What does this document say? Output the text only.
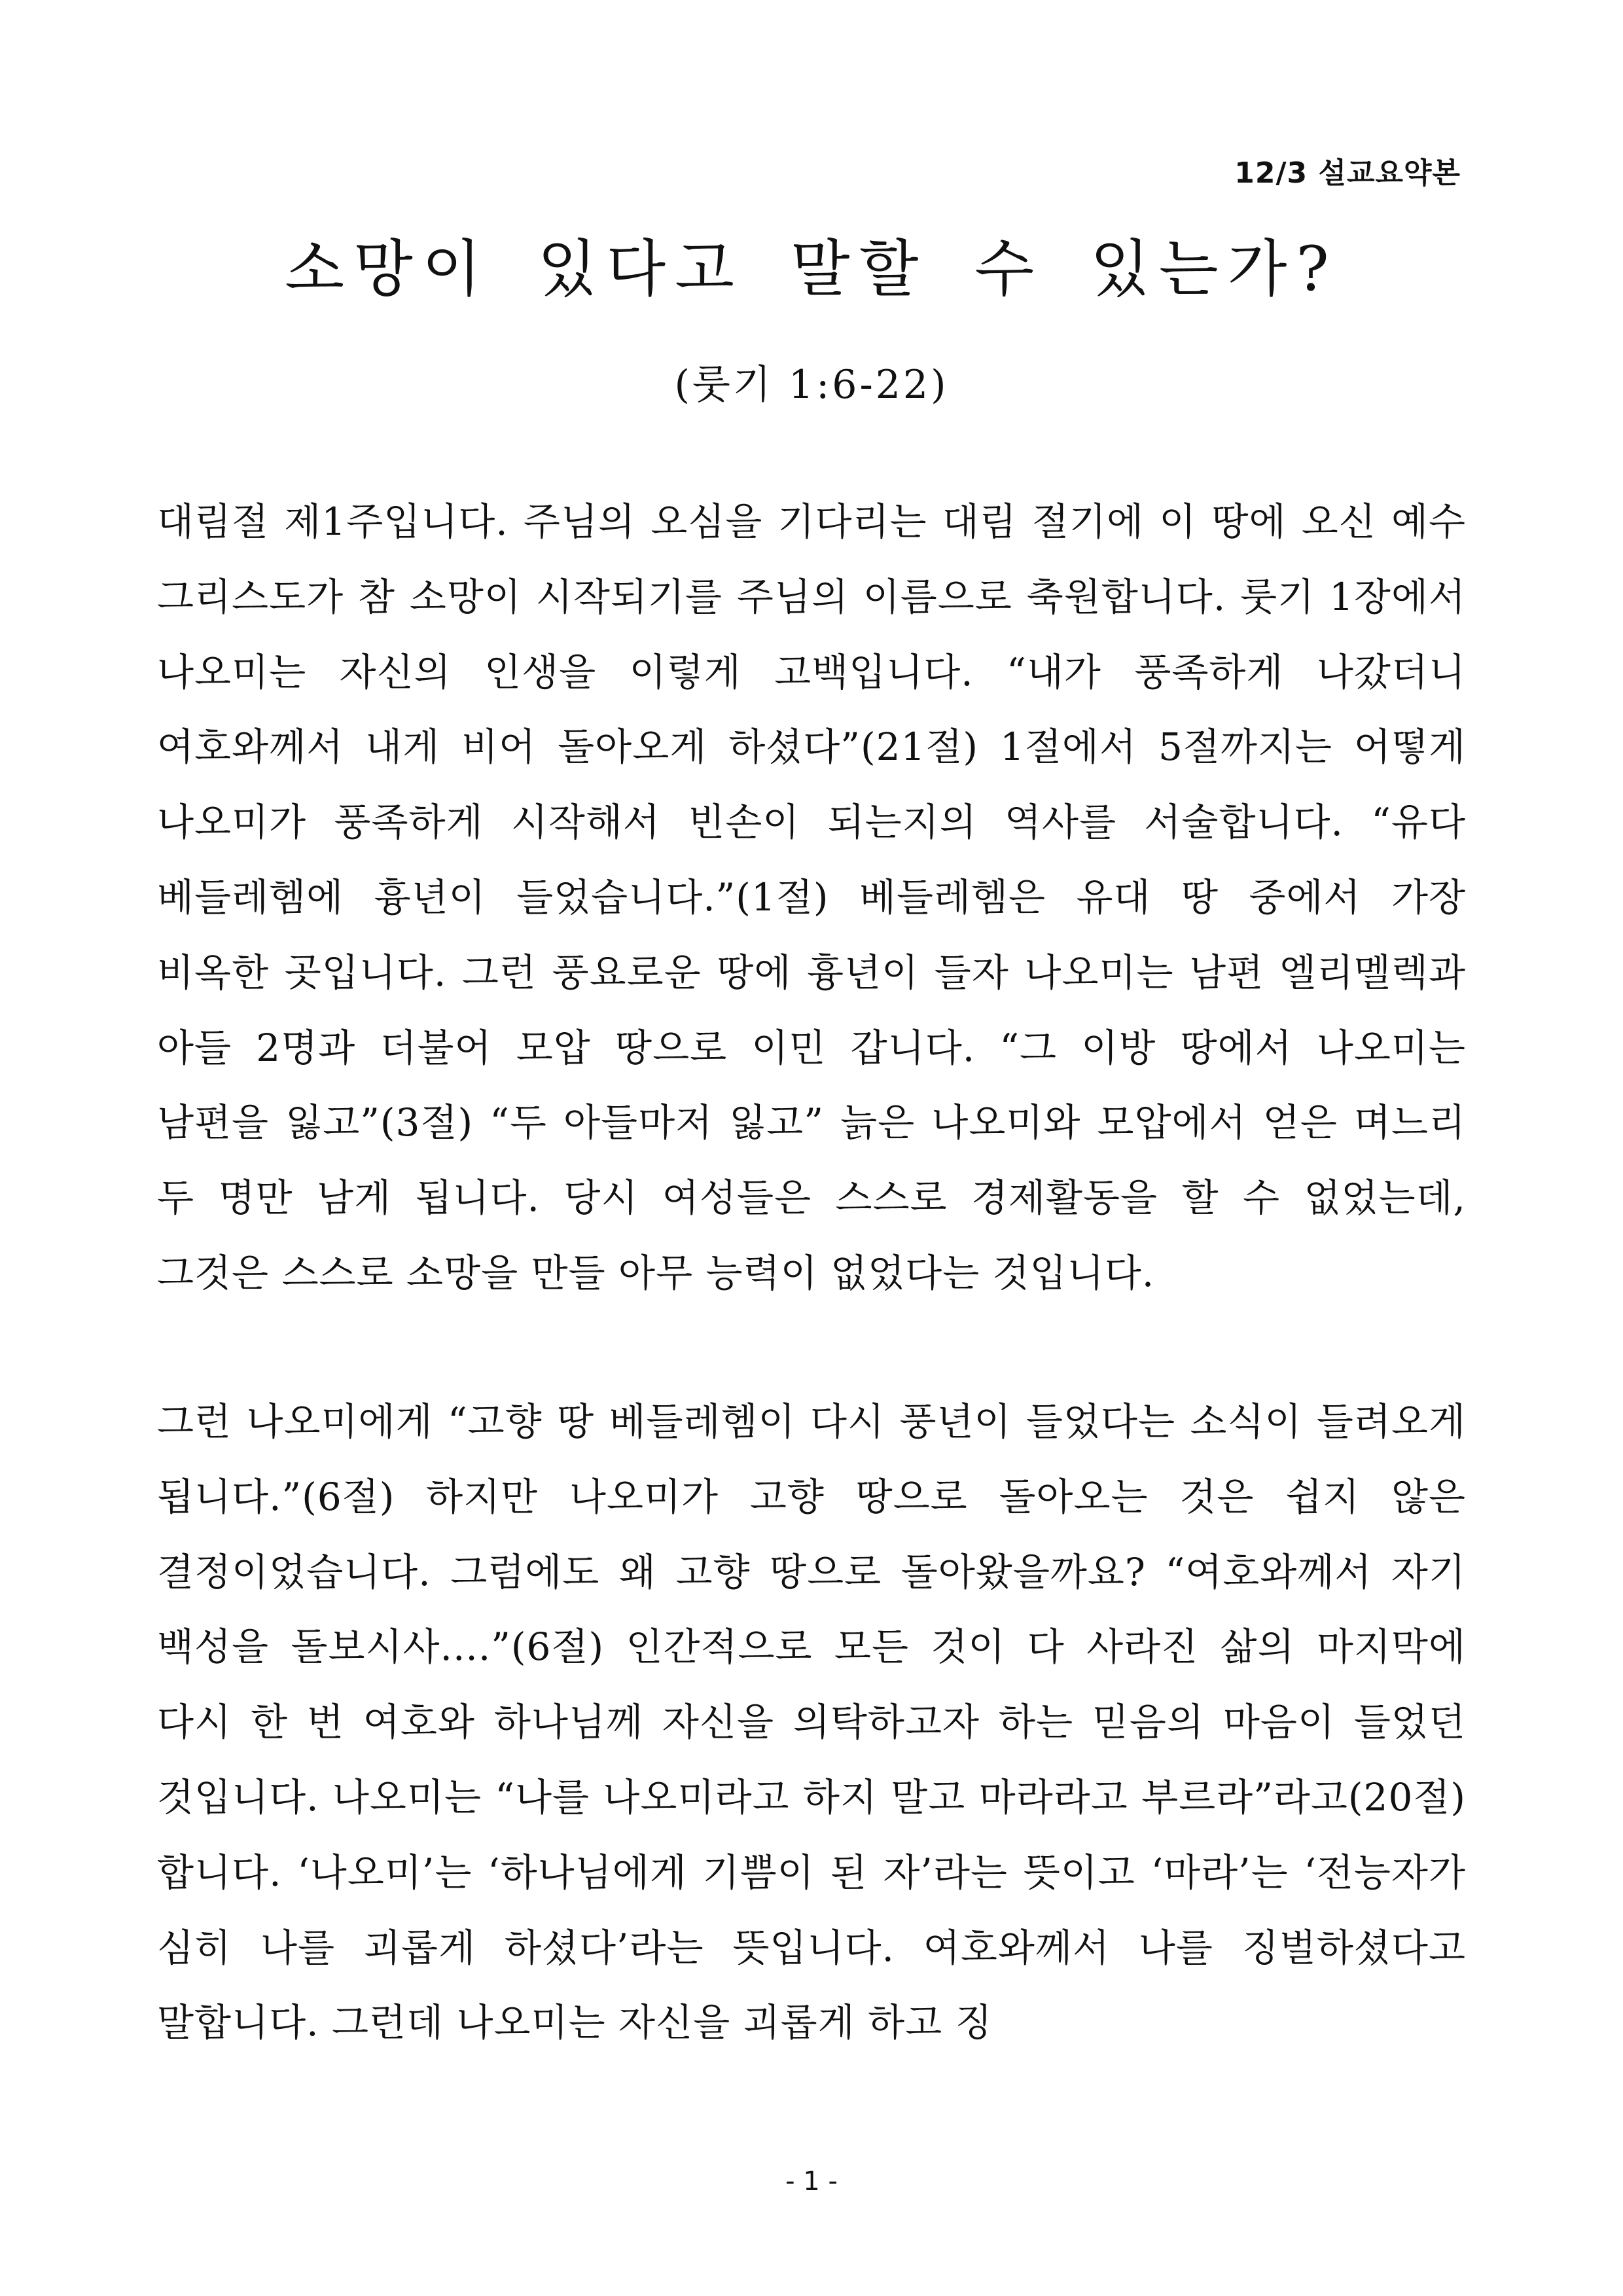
12/3 설교요약본
소망이 있다고 말할 수 있는가?
(룻기 1:6-22)

대림절 제1주입니다. 주님의 오심을 기다리는 대림 절기에 이 땅에 오신 예수 그리스도가 참 소망이 시작되기를 주님의 이름으로 축원합니다. 룻기 1장에서 나오미는 자신의 인생을 이렇게 고백입니다. “내가 풍족하게 나갔더니 여호와께서 내게 비어 돌아오게 하셨다”(21절) 1절에서 5절까지는 어떻게 나오미가 풍족하게 시작해서 빈손이 되는지의 역사를 서술합니다. “유다 베들레헴에 흉년이 들었습니다.”(1절) 베들레헴은 유대 땅 중에서 가장 비옥한 곳입니다. 그런 풍요로운 땅에 흉년이 들자 나오미는 남편 엘리멜렉과 아들 2명과 더불어 모압 땅으로 이민 갑니다. “그 이방 땅에서 나오미는 남편을 잃고”(3절) “두 아들마저 잃고” 늙은 나오미와 모압에서 얻은 며느리 두 명만 남게 됩니다. 당시 여성들은 스스로 경제활동을 할 수 없었는데, 그것은 스스로 소망을 만들 아무 능력이 없었다는 것입니다.

그런 나오미에게 “고향 땅 베들레헴이 다시 풍년이 들었다는 소식이 들려오게 됩니다.”(6절) 하지만 나오미가 고향 땅으로 돌아오는 것은 쉽지 않은 결정이었습니다. 그럼에도 왜 고향 땅으로 돌아왔을까요? “여호와께서 자기 백성을 돌보시사....”(6절) 인간적으로 모든 것이 다 사라진 삶의 마지막에 다시 한 번 여호와 하나님께 자신을 의탁하고자 하는 믿음의 마음이 들었던 것입니다. 나오미는 “나를 나오미라고 하지 말고 마라라고 부르라”라고(20절) 합니다. ‘나오미’는 ‘하나님에게 기쁨이 된 자’라는 뜻이고 ‘마라’는 ‘전능자가 심히 나를 괴롭게 하셨다’라는 뜻입니다. 여호와께서 나를 징벌하셨다고 말합니다. 그런데 나오미는 자신을 괴롭게 하고 징

- 1 -
